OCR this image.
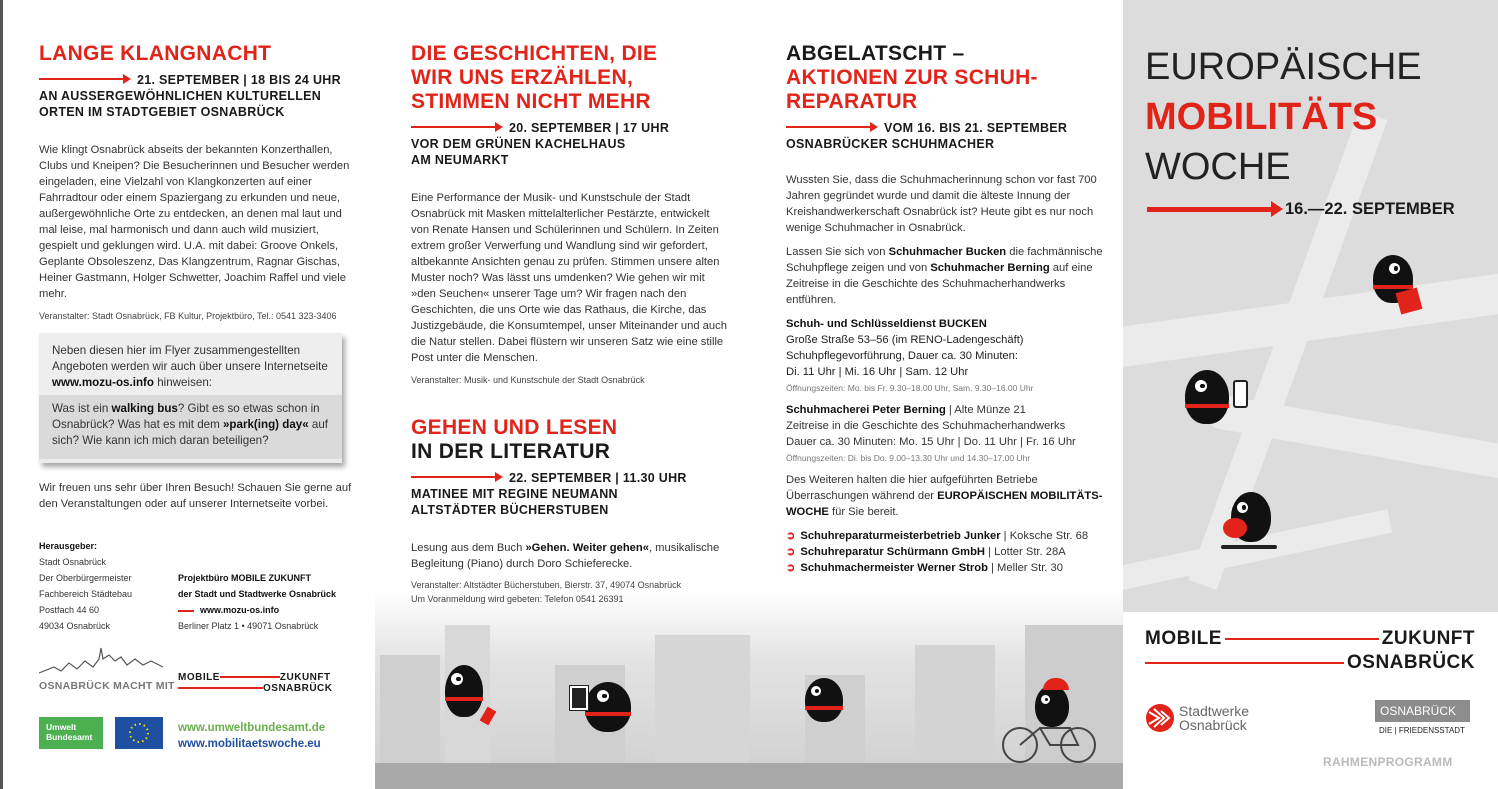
LANGE KLANGNACHT
21. SEPTEMBER | 18 BIS 24 UHR
AN AUSSERGEWÖHNLICHEN KULTURELLEN
ORTEN IM STADTGEBIET OSNABRÜCK

Wie klingt Osnabrück abseits der bekannten Konzerthallen, Clubs und Kneipen? Die Besucherinnen und Besucher werden eingeladen, eine Vielzahl von Klangkonzerten auf einer Fahrradtour oder einem Spaziergang zu erkunden und neue, außergewöhnliche Orte zu entdecken, an denen mal laut und mal leise, mal harmonisch und dann auch wild musiziert, gespielt und geklungen wird. U.A. mit dabei: Groove Onkels, Geplante Obsoleszenz, Das Klangzentrum, Ragnar Gischas, Heiner Gastmann, Holger Schwetter, Joachim Raffel und viele mehr.

Veranstalter: Stadt Osnabrück, FB Kultur, Projektbüro, Tel.: 0541 323-3406

Neben diesen hier im Flyer zusammengestellten Angeboten werden wir auch über unsere Internetseite www.mozu-os.info hinweisen:
Was ist ein walking bus? Gibt es so etwas schon in Osnabrück? Was hat es mit dem »park(ing) day« auf sich? Wie kann ich mich daran beteiligen?

Wir freuen uns sehr über Ihren Besuch! Schauen Sie gerne auf den Veranstaltungen oder auf unserer Internetseite vorbei.

Herausgeber:
Stadt Osnabrück
Der Oberbürgermeister
Fachbereich Städtebau
Postfach 44 60
49034 Osnabrück
Projektbüro MOBILE ZUKUNFT
der Stadt und Stadtwerke Osnabrück
www.mozu-os.info
Berliner Platz 1 • 49071 Osnabrück
OSNABRÜCK MACHT MIT
MOBILE	ZUKUNFT
OSNABRÜCK
Umwelt Bundesamt
www.umweltbundesamt.de
www.mobilitaetswoche.eu
DIE GESCHICHTEN, DIE
WIR UNS ERZÄHLEN,
STIMMEN NICHT MEHR
20. SEPTEMBER | 17 UHR
VOR DEM GRÜNEN KACHELHAUS
AM NEUMARKT

Eine Performance der Musik- und Kunstschule der Stadt Osnabrück mit Masken mittelalterlicher Pestärzte, entwickelt von Renate Hansen und Schülerinnen und Schülern. In Zeiten extrem großer Verwerfung und Wandlung sind wir gefordert, altbekannte Ansichten genau zu prüfen. Stimmen unsere alten Muster noch? Was lässt uns umdenken? Wie gehen wir mit »den Seuchen« unserer Tage um? Wir fragen nach den Geschichten, die uns Orte wie das Rathaus, die Kirche, das Justizgebäude, die Konsumtempel, unser Miteinander und auch die Natur stellen. Dabei flüstern wir unseren Satz wie eine stille Post unter die Menschen.

Veranstalter: Musik- und Kunstschule der Stadt Osnabrück

GEHEN UND LESEN
IN DER LITERATUR
22. SEPTEMBER | 11.30 UHR
MATINEE MIT REGINE NEUMANN
ALTSTÄDTER BÜCHERSTUBEN

Lesung aus dem Buch »Gehen. Weiter gehen«, musikalische Begleitung (Piano) durch Doro Schieferecke.

Veranstalter: Altstädter Bücherstuben, Bierstr. 37, 49074 Osnabrück
Um Voranmeldung wird gebeten: Telefon 0541 26391

ABGELATSCHT –
AKTIONEN ZUR SCHUH-
REPARATUR
VOM 16. BIS 21. SEPTEMBER
OSNABRÜCKER SCHUHMACHER

Wussten Sie, dass die Schuhmacherinnung schon vor fast 700 Jahren gegründet wurde und damit die älteste Innung der Kreishandwerkerschaft Osnabrück ist? Heute gibt es nur noch wenige Schuhmacher in Osnabrück.

Lassen Sie sich von Schuhmacher Bucken die fachmännische Schuhpflege zeigen und von Schuhmacher Berning auf eine Zeitreise in die Geschichte des Schuhmacherhandwerks entführen.

Schuh- und Schlüsseldienst BUCKEN
Große Straße 53–56 (im RENO-Ladengeschäft)
Schuhpflegevorführung, Dauer ca. 30 Minuten:
Di. 11 Uhr | Mi. 16 Uhr | Sam. 12 Uhr
Öffnungszeiten: Mo. bis Fr. 9.30–18.00 Uhr, Sam. 9.30–16.00 Uhr
Schuhmacherei Peter Berning | Alte Münze 21
Zeitreise in die Geschichte des Schuhmacherhandwerks
Dauer ca. 30 Minuten: Mo. 15 Uhr | Do. 11 Uhr | Fr. 16 Uhr
Öffnungszeiten: Di. bis Do. 9.00–13.30 Uhr und 14.30–17.00 Uhr

Des Weiteren halten die hier aufgeführten Betriebe Überraschungen während der EUROPÄISCHEN MOBILITÄTS-WOCHE für Sie bereit.

➲ Schuhreparaturmeisterbetrieb Junker | Koksche Str. 68
➲ Schuhreparatur Schürmann GmbH | Lotter Str. 28A
➲ Schuhmachermeister Werner Strob | Meller Str. 30
EUROPÄISCHE
MOBILITÄTS
WOCHE
16.—22. SEPTEMBER
MOBILE	ZUKUNFT
OSNABRÜCK
Stadtwerke
Osnabrück
OSNABRÜCK
DIE | FRIEDENSSTADT
RAHMENPROGRAMM
